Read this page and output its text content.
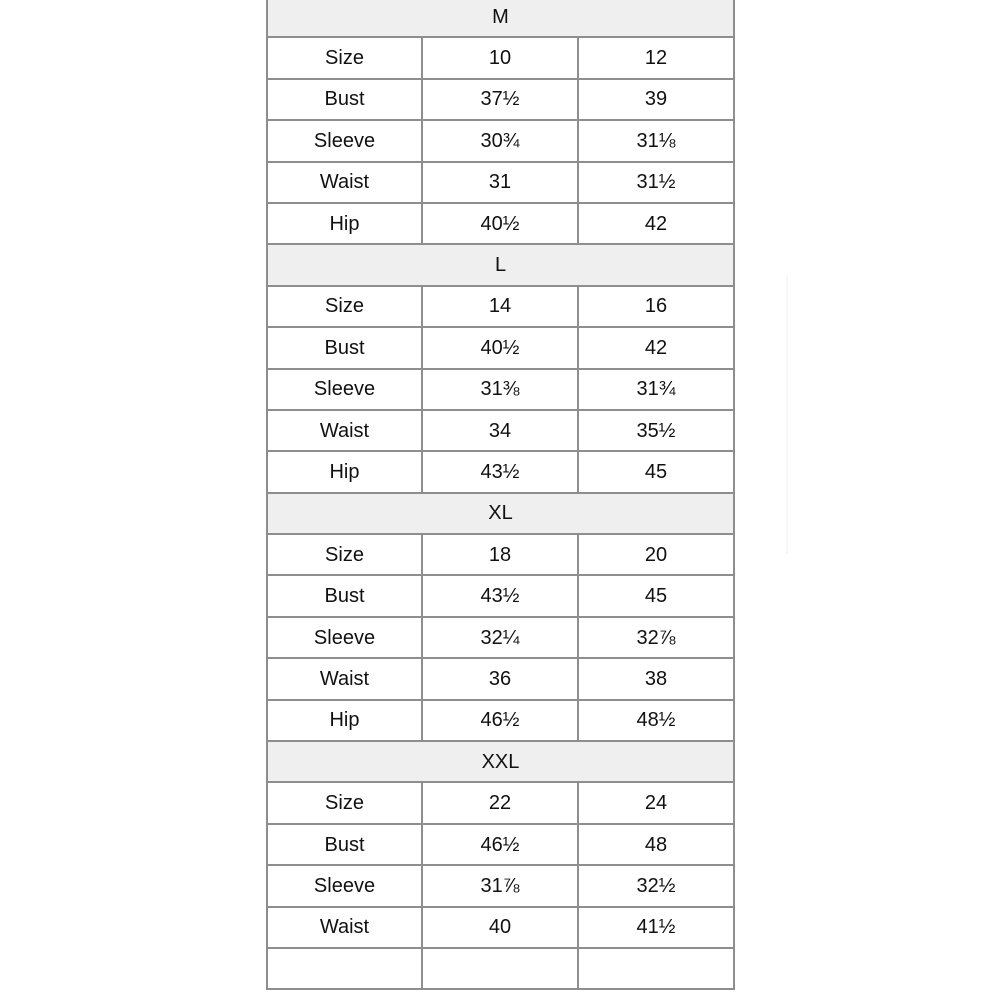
M		
Size	10	12
Bust	37½	39
Sleeve	30¾	31⅛
Waist	31	31½
Hip	40½	42
L		
Size	14	16
Bust	40½	42
Sleeve	31⅜	31¾
Waist	34	35½
Hip	43½	45
XL		
Size	18	20
Bust	43½	45
Sleeve	32¼	32⅞
Waist	36	38
Hip	46½	48½
XXL		
Size	22	24
Bust	46½	48
Sleeve	31⅞	32½
Waist	40	41½
